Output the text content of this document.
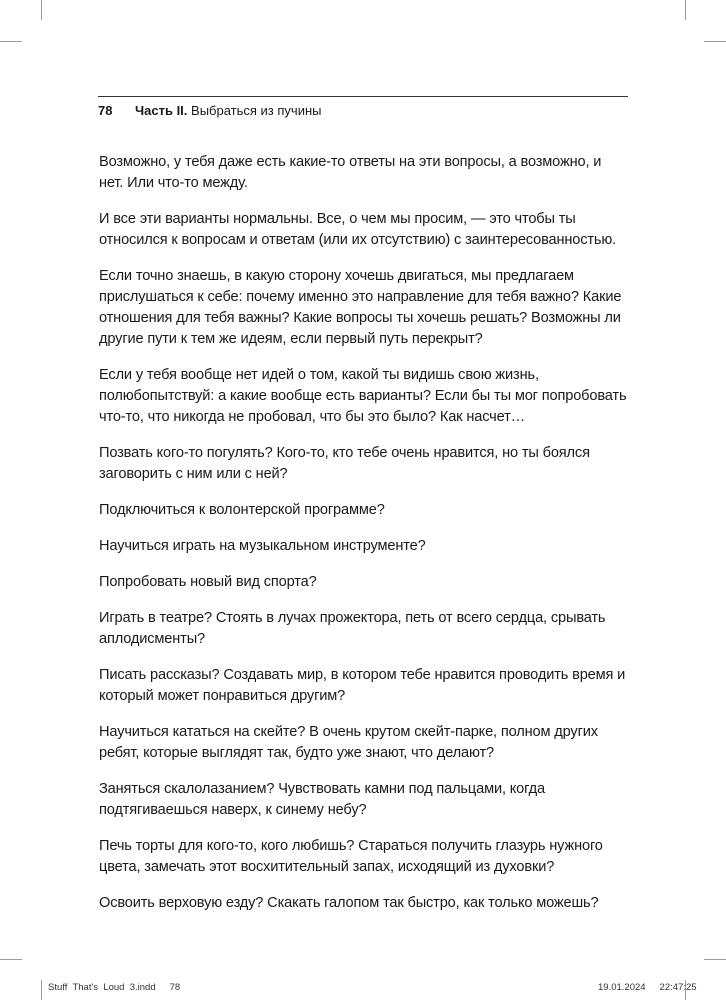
78 Часть II. Выбраться из пучины

Возможно, у тебя даже есть какие-то ответы на эти вопросы, а возможно, и нет. Или что-то между.

И все эти варианты нормальны. Все, о чем мы просим, — это чтобы ты относился к вопросам и ответам (или их отсутствию) с заинтересованностью.

Если точно знаешь, в какую сторону хочешь двигаться, мы предлагаем прислушаться к себе: почему именно это направление для тебя важно? Какие отношения для тебя важны? Какие вопросы ты хочешь решать? Возможны ли другие пути к тем же идеям, если первый путь перекрыт?

Если у тебя вообще нет идей о том, какой ты видишь свою жизнь, полюбопытствуй: а какие вообще есть варианты? Если бы ты мог попробовать что-то, что никогда не пробовал, что бы это было? Как насчет…

Позвать кого-то погулять? Кого-то, кто тебе очень нравится, но ты боялся заговорить с ним или с ней?

Подключиться к волонтерской программе?

Научиться играть на музыкальном инструменте?

Попробовать новый вид спорта?

Играть в театре? Стоять в лучах прожектора, петь от всего сердца, срывать аплодисменты?

Писать рассказы? Создавать мир, в котором тебе нравится проводить время и который может понравиться другим?

Научиться кататься на скейте? В очень крутом скейт-парке, полном других ребят, которые выглядят так, будто уже знают, что делают?

Заняться скалолазанием? Чувствовать камни под пальцами, когда подтягиваешься наверх, к синему небу?

Печь торты для кого-то, кого любишь? Стараться получить глазурь нужного цвета, замечать этот восхитительный запах, исходящий из духовки?

Освоить верховую езду? Скакать галопом так быстро, как только можешь?

Stuff  That's  Loud  3.indd 78	19.01.2024 22:47:25
